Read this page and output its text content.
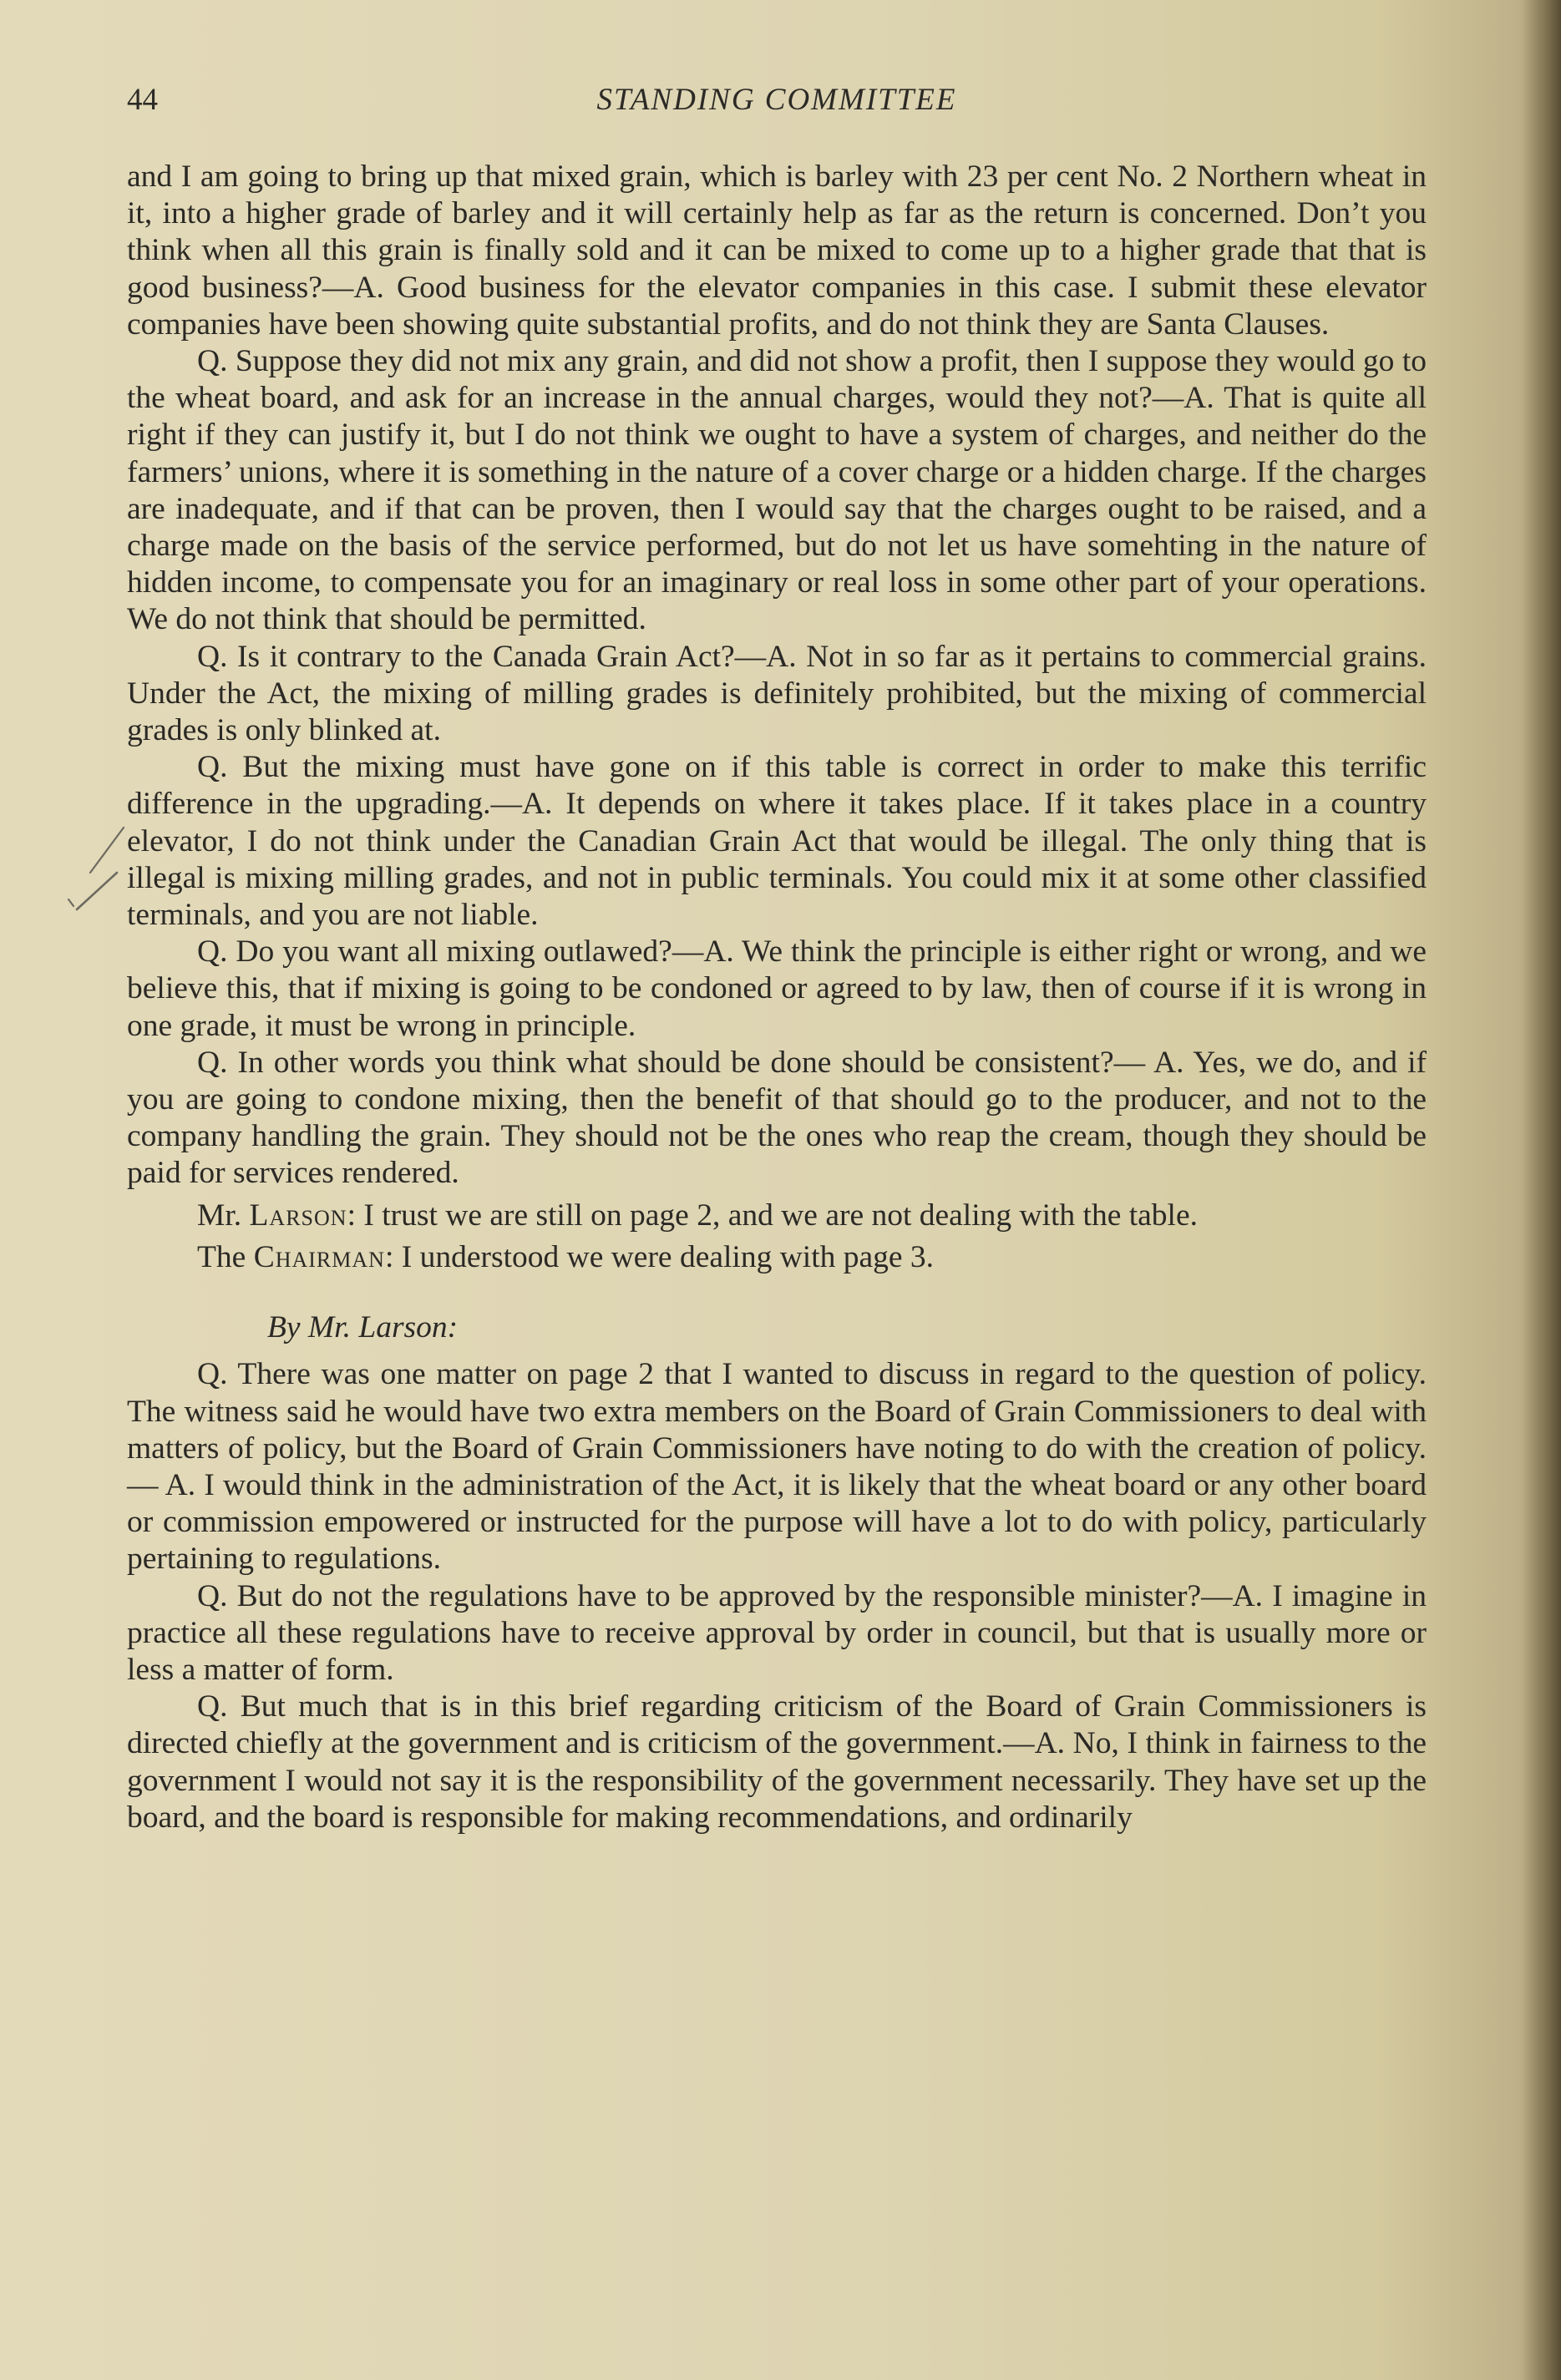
44	STANDING COMMITTEE

and I am going to bring up that mixed grain, which is barley with 23 per cent No. 2 Northern wheat in it, into a higher grade of barley and it will certainly help as far as the return is concerned. Don’t you think when all this grain is finally sold and it can be mixed to come up to a higher grade that that is good business?—A. Good business for the elevator companies in this case. I submit these elevator companies have been showing quite substantial profits, and do not think they are Santa Clauses.

Q. Suppose they did not mix any grain, and did not show a profit, then I suppose they would go to the wheat board, and ask for an increase in the annual charges, would they not?—A. That is quite all right if they can justify it, but I do not think we ought to have a system of charges, and neither do the farmers’ unions, where it is something in the nature of a cover charge or a hidden charge. If the charges are inadequate, and if that can be proven, then I would say that the charges ought to be raised, and a charge made on the basis of the service performed, but do not let us have somehting in the nature of hidden income, to compensate you for an imaginary or real loss in some other part of your operations. We do not think that should be permitted.

Q. Is it contrary to the Canada Grain Act?—A. Not in so far as it pertains to commercial grains. Under the Act, the mixing of milling grades is definitely prohibited, but the mixing of commercial grades is only blinked at.

Q. But the mixing must have gone on if this table is correct in order to make this terrific difference in the upgrading.—A. It depends on where it takes place. If it takes place in a country elevator, I do not think under the Canadian Grain Act that would be illegal. The only thing that is illegal is mixing milling grades, and not in public terminals. You could mix it at some other classified terminals, and you are not liable.

Q. Do you want all mixing outlawed?—A. We think the principle is either right or wrong, and we believe this, that if mixing is going to be condoned or agreed to by law, then of course if it is wrong in one grade, it must be wrong in principle.

Q. In other words you think what should be done should be consistent?— A. Yes, we do, and if you are going to condone mixing, then the benefit of that should go to the producer, and not to the company handling the grain. They should not be the ones who reap the cream, though they should be paid for services rendered.

Mr. Larson: I trust we are still on page 2, and we are not dealing with the table.

The Chairman: I understood we were dealing with page 3.

By Mr. Larson:

Q. There was one matter on page 2 that I wanted to discuss in regard to the question of policy. The witness said he would have two extra members on the Board of Grain Commissioners to deal with matters of policy, but the Board of Grain Commissioners have noting to do with the creation of policy.— A. I would think in the administration of the Act, it is likely that the wheat board or any other board or commission empowered or instructed for the purpose will have a lot to do with policy, particularly pertaining to regulations.

Q. But do not the regulations have to be approved by the responsible minister?—A. I imagine in practice all these regulations have to receive approval by order in council, but that is usually more or less a matter of form.

Q. But much that is in this brief regarding criticism of the Board of Grain Commissioners is directed chiefly at the government and is criticism of the government.—A. No, I think in fairness to the government I would not say it is the responsibility of the government necessarily. They have set up the board, and the board is responsible for making recommendations, and ordinarily
